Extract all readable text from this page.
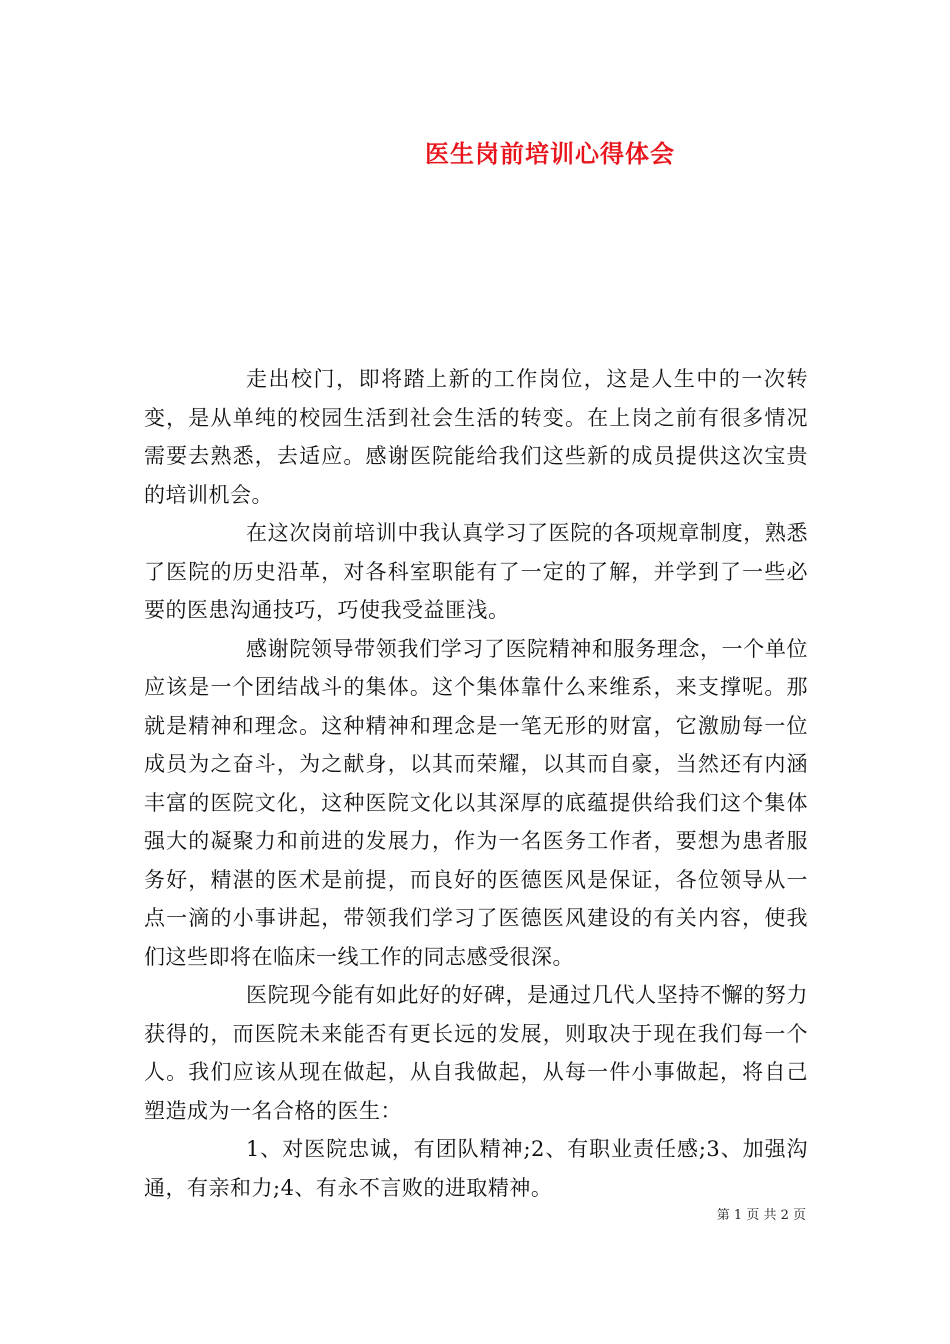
医生岗前培训心得体会

走出校门，即将踏上新的工作岗位，这是人生中的一次转变，是从单纯的校园生活到社会生活的转变。在上岗之前有很多情况需要去熟悉，去适应。感谢医院能给我们这些新的成员提供这次宝贵的培训机会。

在这次岗前培训中我认真学习了医院的各项规章制度，熟悉了医院的历史沿革，对各科室职能有了一定的了解，并学到了一些必要的医患沟通技巧，巧使我受益匪浅。

感谢院领导带领我们学习了医院精神和服务理念，一个单位应该是一个团结战斗的集体。这个集体靠什么来维系，来支撑呢。那就是精神和理念。这种精神和理念是一笔无形的财富，它激励每一位成员为之奋斗，为之献身，以其而荣耀，以其而自豪，当然还有内涵丰富的医院文化，这种医院文化以其深厚的底蕴提供给我们这个集体强大的凝聚力和前进的发展力，作为一名医务工作者，要想为患者服务好，精湛的医术是前提，而良好的医德医风是保证，各位领导从一点一滴的小事讲起，带领我们学习了医德医风建设的有关内容，使我们这些即将在临床一线工作的同志感受很深。

医院现今能有如此好的好碑，是通过几代人坚持不懈的努力获得的，而医院未来能否有更长远的发展，则取决于现在我们每一个人。我们应该从现在做起，从自我做起，从每一件小事做起，将自己塑造成为一名合格的医生：

1、对医院忠诚，有团队精神;2、有职业责任感;3、加强沟通，有亲和力;4、有永不言败的进取精神。

第 1 页 共 2 页
